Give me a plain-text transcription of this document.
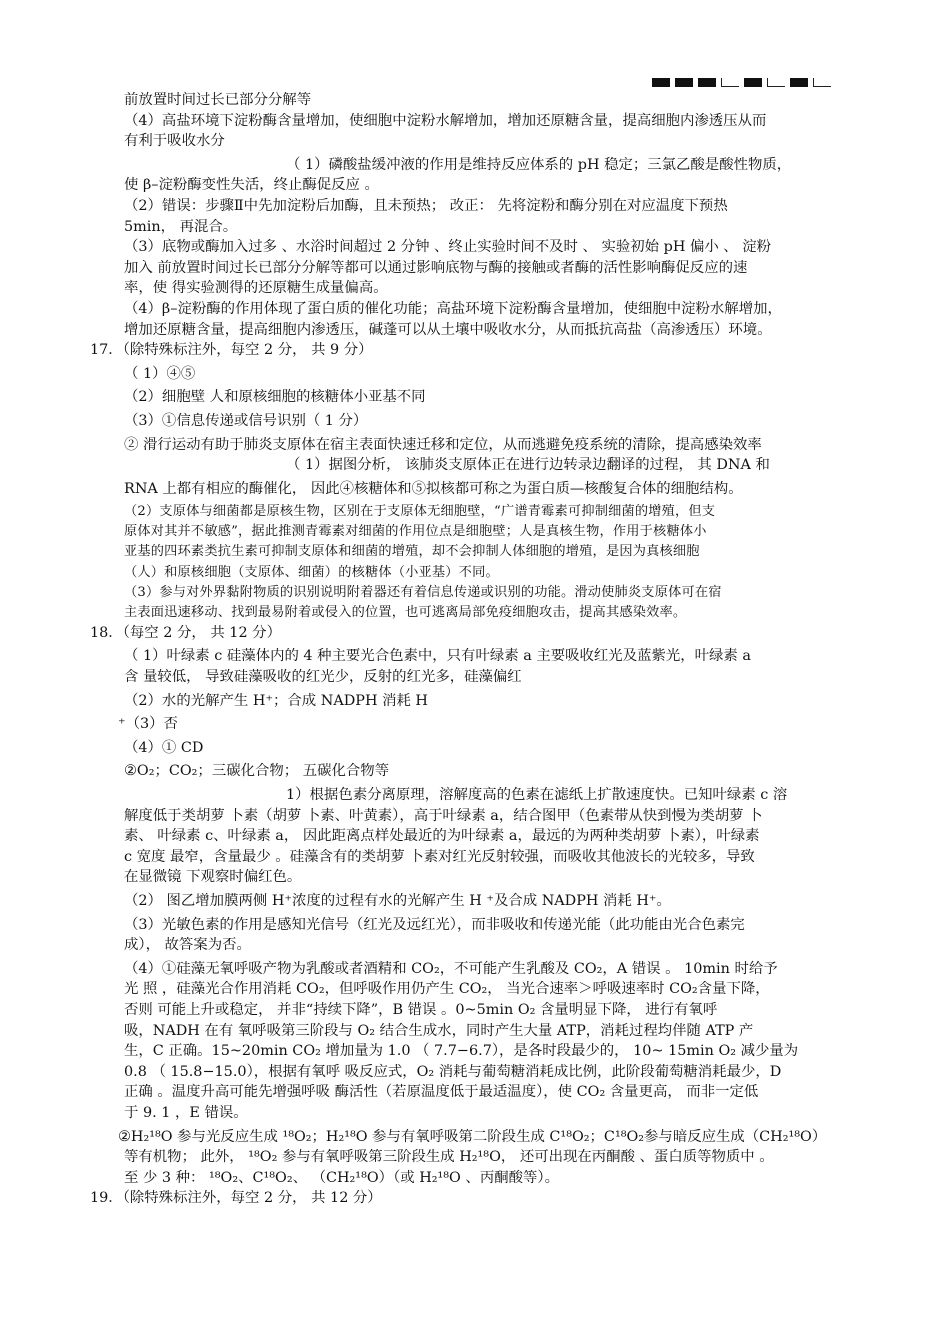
前放置时间过长已部分分解等
（4）高盐环境下淀粉酶含量增加，使细胞中淀粉水解增加，增加还原糖含量，提高细胞内渗透压从而
有利于吸收水分
（ 1）磷酸盐缓冲液的作用是维持反应体系的 pH 稳定；三氯乙酸是酸性物质，
使 β–淀粉酶变性失活，终止酶促反应 。
（2）错误：步骤Ⅱ中先加淀粉后加酶，且未预热； 改正： 先将淀粉和酶分别在对应温度下预热
5min， 再混合。
（3）底物或酶加入过多 、水浴时间超过 2 分钟 、终止实验时间不及时 、 实验初始 pH 偏小 、 淀粉
加入 前放置时间过长已部分分解等都可以通过影响底物与酶的接触或者酶的活性影响酶促反应的速
率，使 得实验测得的还原糖生成量偏高。
（4）β–淀粉酶的作用体现了蛋白质的催化功能；高盐环境下淀粉酶含量增加，使细胞中淀粉水解增加，
增加还原糖含量，提高细胞内渗透压，碱蓬可以从土壤中吸收水分，从而抵抗高盐（高渗透压）环境。
17．（除特殊标注外，每空 2 分， 共 9 分）
（ 1）④⑤
（2）细胞壁 人和原核细胞的核糖体小亚基不同
（3）①信息传递或信号识别（ 1 分）
② 滑行运动有助于肺炎支原体在宿主表面快速迁移和定位，从而逃避免疫系统的清除，提高感染效率
（ 1）据图分析， 该肺炎支原体正在进行边转录边翻译的过程， 其 DNA 和
RNA 上都有相应的酶催化， 因此④核糖体和⑤拟核都可称之为蛋白质—核酸复合体的细胞结构。
（2）支原体与细菌都是原核生物，区别在于支原体无细胞壁，“广谱青霉素可抑制细菌的增殖，但支
原体对其并不敏感”，据此推测青霉素对细菌的作用位点是细胞壁；人是真核生物，作用于核糖体小
亚基的四环素类抗生素可抑制支原体和细菌的增殖，却不会抑制人体细胞的增殖，是因为真核细胞
（人）和原核细胞（支原体、细菌）的核糖体（小亚基）不同。
（3）参与对外界黏附物质的识别说明附着器还有着信息传递或识别的功能。滑动使肺炎支原体可在宿
主表面迅速移动、找到最易附着或侵入的位置，也可逃离局部免疫细胞攻击，提高其感染效率。
18．（每空 2 分， 共 12 分）
（ 1）叶绿素 c 硅藻体内的 4 种主要光合色素中，只有叶绿素 a 主要吸收红光及蓝紫光，叶绿素 a
含 量较低， 导致硅藻吸收的红光少，反射的红光多，硅藻偏红
（2）水的光解产生 H⁺；合成 NADPH 消耗 H
⁺（3）否
（4）① CD
②O₂；CO₂；三碳化合物； 五碳化合物等
1）根据色素分离原理，溶解度高的色素在滤纸上扩散速度快。已知叶绿素 c 溶
解度低于类胡萝 卜素（胡萝 卜素、叶黄素），高于叶绿素 a，结合图甲（色素带从快到慢为类胡萝 卜
素、 叶绿素 c、叶绿素 a， 因此距离点样处最近的为叶绿素 a，最远的为两种类胡萝 卜素），叶绿素
c 宽度 最窄，含量最少 。硅藻含有的类胡萝 卜素对红光反射较强，而吸收其他波长的光较多，导致
在显微镜 下观察时偏红色。
（2） 图乙增加膜两侧 H⁺浓度的过程有水的光解产生 H ⁺及合成 NADPH 消耗 H⁺。
（3）光敏色素的作用是感知光信号（红光及远红光），而非吸收和传递光能（此功能由光合色素完
成）， 故答案为否。
（4）①硅藻无氧呼吸产物为乳酸或者酒精和 CO₂，不可能产生乳酸及 CO₂，A 错误 。 10min 时给予
光 照 ，硅藻光合作用消耗 CO₂，但呼吸作用仍产生 CO₂， 当光合速率＞呼吸速率时 CO₂含量下降，
否则 可能上升或稳定， 并非“持续下降”，B 错误 。0~5min O₂ 含量明显下降， 进行有氧呼
吸，NADH 在有 氧呼吸第三阶段与 O₂ 结合生成水，同时产生大量 ATP，消耗过程均伴随 ATP 产
生，C 正确。15~20min CO₂ 增加量为 1.0 （ 7.7−6.7），是各时段最少的， 10~ 15min O₂ 减少量为
0.8 （ 15.8−15.0），根据有氧呼 吸反应式，O₂ 消耗与葡萄糖消耗成比例，此阶段葡萄糖消耗最少，D
正确 。温度升高可能先增强呼吸 酶活性（若原温度低于最适温度），使 CO₂ 含量更高， 而非一定低
于 9. 1 ，E 错误。
②H₂¹⁸O 参与光反应生成 ¹⁸O₂；H₂¹⁸O 参与有氧呼吸第二阶段生成 C¹⁸O₂；C¹⁸O₂参与暗反应生成（CH₂¹⁸O）
等有机物； 此外， ¹⁸O₂ 参与有氧呼吸第三阶段生成 H₂¹⁸O， 还可出现在丙酮酸 、蛋白质等物质中 。
至 少 3 种： ¹⁸O₂、C¹⁸O₂、 （CH₂¹⁸O）（或 H₂¹⁸O 、丙酮酸等）。
19．（除特殊标注外，每空 2 分， 共 12 分）
